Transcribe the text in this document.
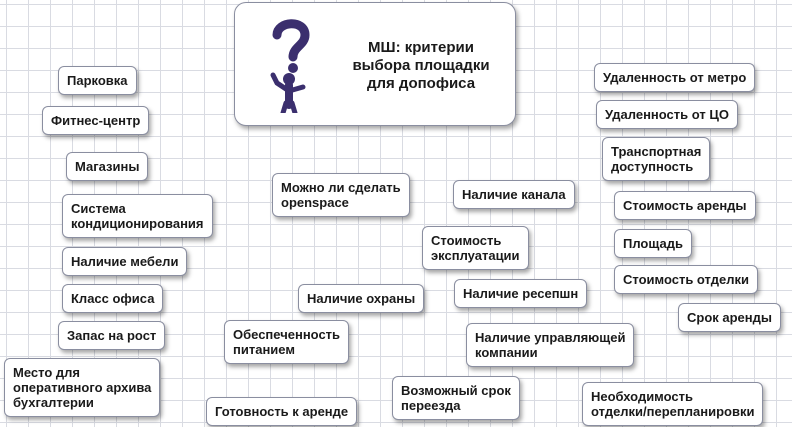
МШ: критерии
выбора площадки
для допофиса
Парковка
Фитнес-центр
Магазины
Система
кондиционирования
Наличие мебели
Класс офиса
Запас на рост
Место для
оперативного архива
бухгалтерии
Можно ли сделать
openspace
Наличие охраны
Обеспеченность
питанием
Готовность к аренде
Наличие канала
Стоимость
эксплуатации
Наличие ресепшн
Наличие управляющей
компании
Возможный срок
переезда
Удаленность от метро
Удаленность от ЦО
Транспортная
доступность
Стоимость аренды
Площадь
Стоимость отделки
Срок аренды
Необходимость
отделки/перепланировки
